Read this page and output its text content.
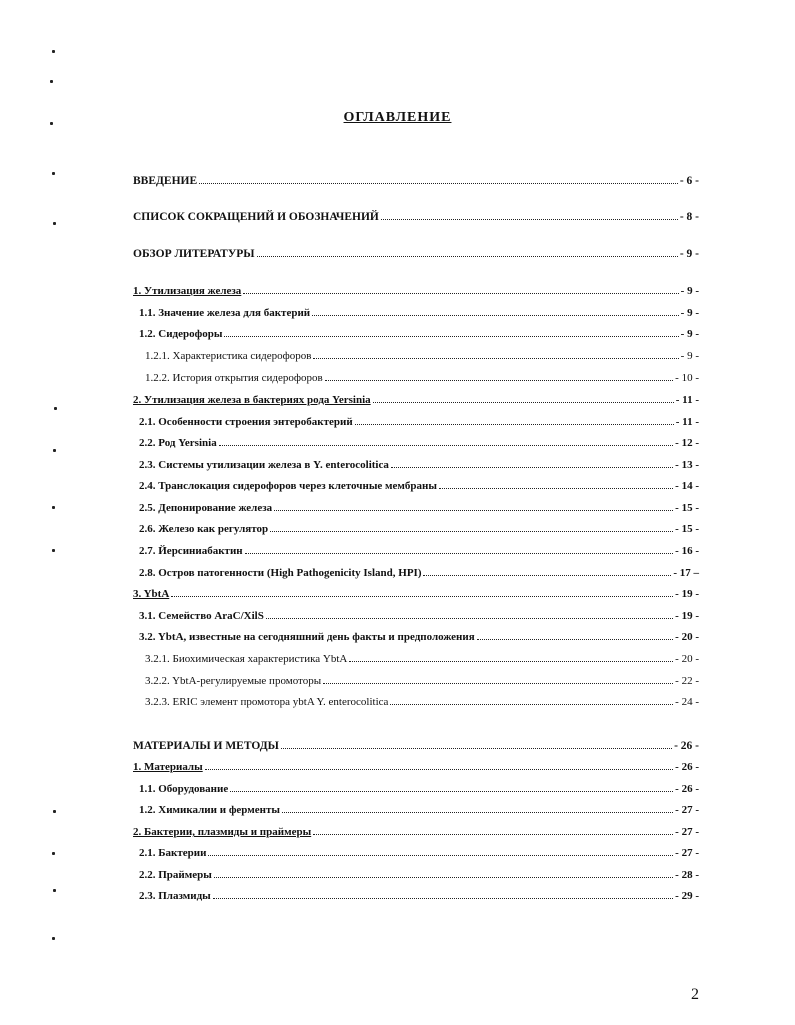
ОГЛАВЛЕНИЕ
ВВЕДЕНИЕ	- 6 -
СПИСОК СОКРАЩЕНИЙ И ОБОЗНАЧЕНИЙ	- 8 -
ОБЗОР ЛИТЕРАТУРЫ	- 9 -
1. Утилизация железа	- 9 -
1.1. Значение железа для бактерий	- 9 -
1.2. Сидерофоры	- 9 -
1.2.1. Характеристика сидерофоров	- 9 -
1.2.2. История открытия сидерофоров	- 10 -
2. Утилизация железа в бактериях рода Yersinia	- 11 -
2.1. Особенности строения энтеробактерий	- 11 -
2.2. Род Yersinia	- 12 -
2.3. Системы утилизации железа в Y. enterocolitica	- 13 -
2.4. Транслокация сидерофоров через клеточные мембраны	- 14 -
2.5. Депонирование железа	- 15 -
2.6. Железо как регулятор	- 15 -
2.7. Йерсиниабактин	- 16 -
2.8. Остров патогенности (High Pathogenicity Island, HPI)	- 17 –
3. YbtA	- 19 -
3.1. Семейство AraC/XilS	- 19 -
3.2. YbtA, известные на сегодняшний день факты и предположения	- 20 -
3.2.1. Биохимическая характеристика YbtA	- 20 -
3.2.2. YbtA-регулируемые промоторы	- 22 -
3.2.3. ERIC элемент промотора ybtA Y. enterocolitica	- 24 -
МАТЕРИАЛЫ И МЕТОДЫ	- 26 -
1. Материалы	- 26 -
1.1. Оборудование	- 26 -
1.2. Химикалии и ферменты	- 27 -
2. Бактерии, плазмиды и праймеры	- 27 -
2.1. Бактерии	- 27 -
2.2. Праймеры	- 28 -
2.3. Плазмиды	- 29 -
2
